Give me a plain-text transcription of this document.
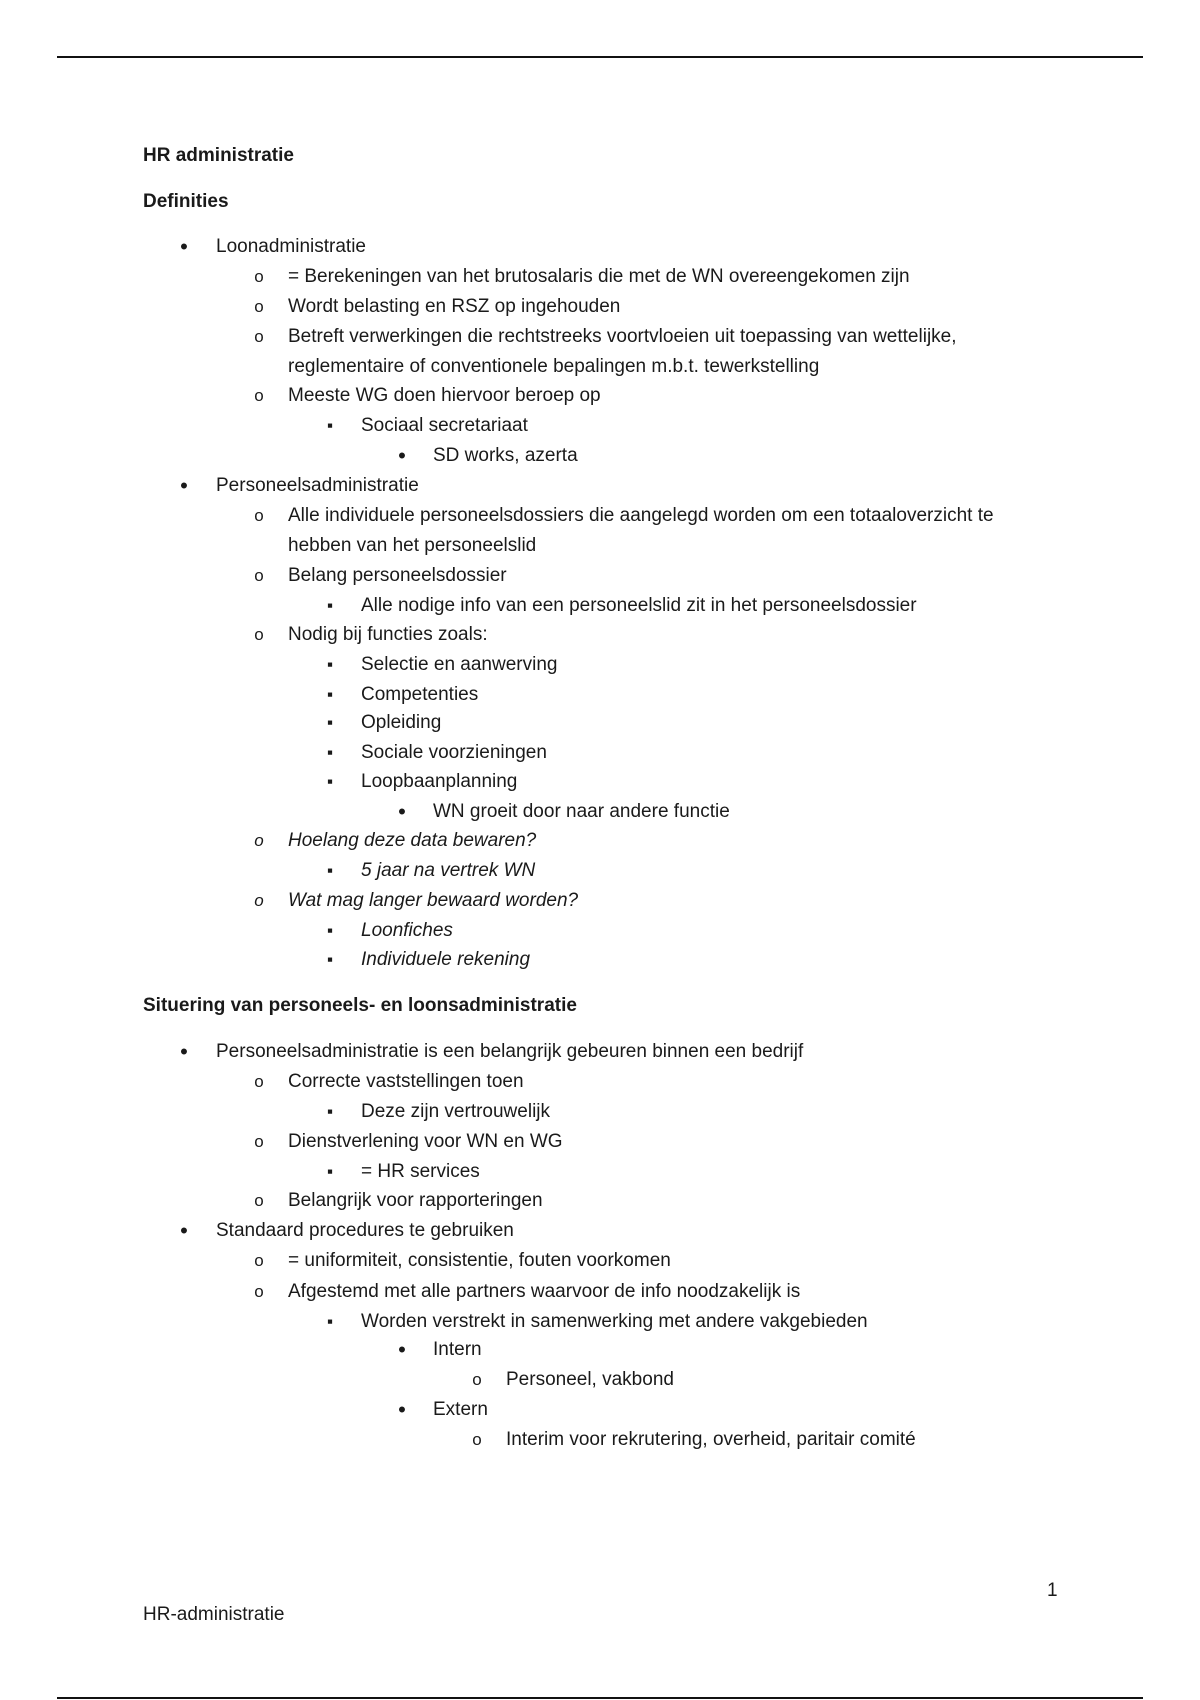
HR administratie
Definities
•
Loonadministratie
o
= Berekeningen van het brutosalaris die met de WN overeengekomen zijn
o
Wordt belasting en RSZ op ingehouden
o
Betreft verwerkingen die rechtstreeks voortvloeien uit toepassing van wettelijke,
reglementaire of conventionele bepalingen m.b.t. tewerkstelling
o
Meeste WG doen hiervoor beroep op
▪
Sociaal secretariaat
•
SD works, azerta
•
Personeelsadministratie
o
Alle individuele personeelsdossiers die aangelegd worden om een totaaloverzicht te
hebben van het personeelslid
o
Belang personeelsdossier
▪
Alle nodige info van een personeelslid zit in het personeelsdossier
o
Nodig bij functies zoals:
▪
Selectie en aanwerving
▪
Competenties
▪
Opleiding
▪
Sociale voorzieningen
▪
Loopbaanplanning
•
WN groeit door naar andere functie
o
Hoelang deze data bewaren?
▪
5 jaar na vertrek WN
o
Wat mag langer bewaard worden?
▪
Loonfiches
▪
Individuele rekening
Situering van personeels- en loonsadministratie
•
Personeelsadministratie is een belangrijk gebeuren binnen een bedrijf
o
Correcte vaststellingen toen
▪
Deze zijn vertrouwelijk
o
Dienstverlening voor WN en WG
▪
= HR services
o
Belangrijk voor rapporteringen
•
Standaard procedures te gebruiken
o
= uniformiteit, consistentie, fouten voorkomen
o
Afgestemd met alle partners waarvoor de info noodzakelijk is
▪
Worden verstrekt in samenwerking met andere vakgebieden
•
Intern
o
Personeel, vakbond
•
Extern
o
Interim voor rekrutering, overheid, paritair comité
1
HR-administratie
